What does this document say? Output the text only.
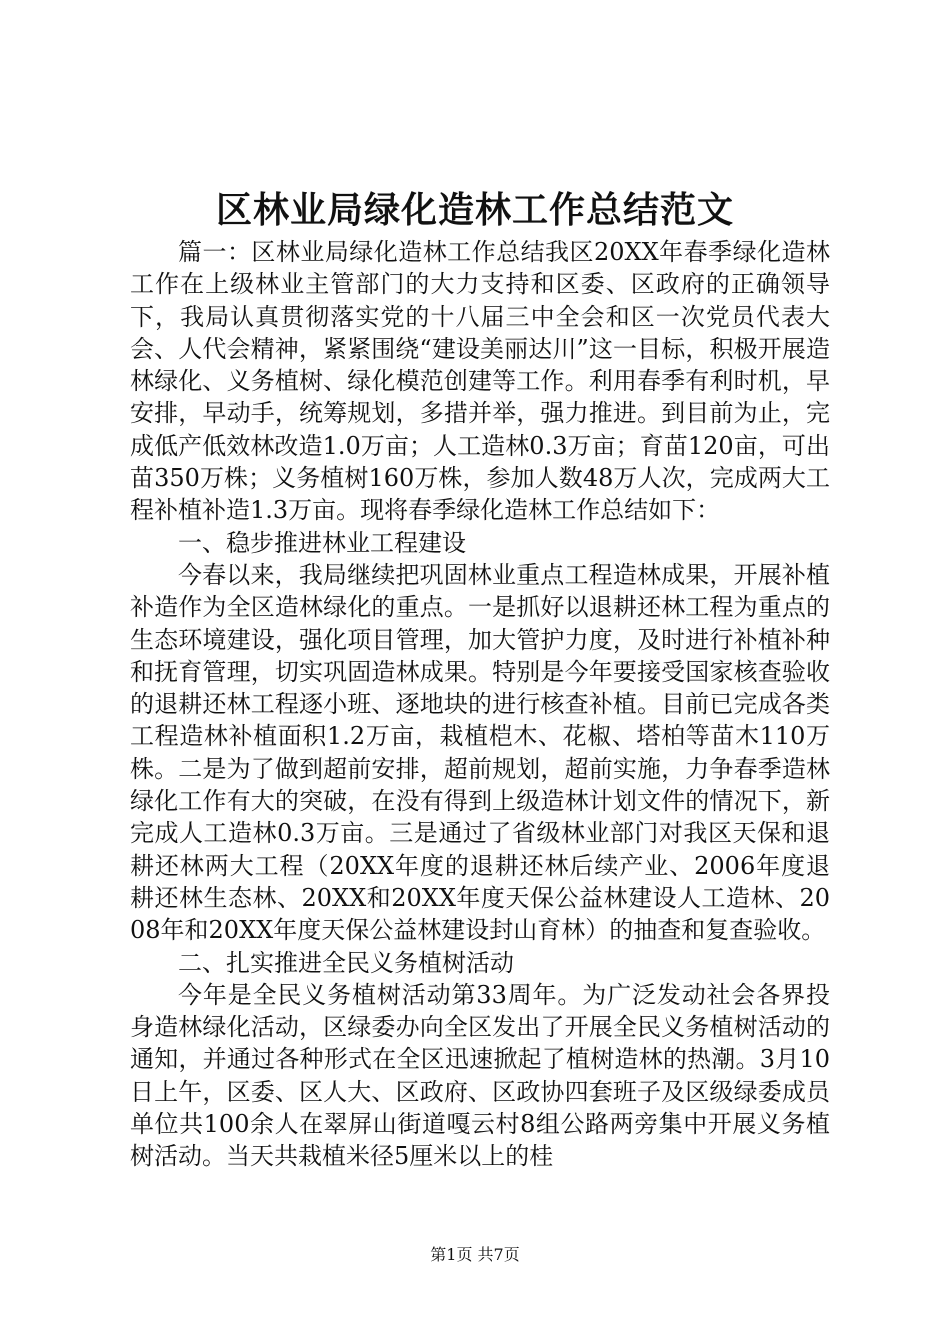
区林业局绿化造林工作总结范文

篇一：区林业局绿化造林工作总结我区20XX年春季绿化造林工作在上级林业主管部门的大力支持和区委、区政府的正确领导下，我局认真贯彻落实党的十八届三中全会和区一次党员代表大会、人代会精神，紧紧围绕“建设美丽达川”这一目标，积极开展造林绿化、义务植树、绿化模范创建等工作。利用春季有利时机，早安排，早动手，统筹规划，多措并举，强力推进。到目前为止，完成低产低效林改造1.0万亩；人工造林0.3万亩；育苗120亩，可出苗350万株；义务植树160万株，参加人数48万人次，完成两大工程补植补造1.3万亩。现将春季绿化造林工作总结如下：

一、稳步推进林业工程建设

今春以来，我局继续把巩固林业重点工程造林成果，开展补植补造作为全区造林绿化的重点。一是抓好以退耕还林工程为重点的生态环境建设，强化项目管理，加大管护力度，及时进行补植补种和抚育管理，切实巩固造林成果。特别是今年要接受国家核查验收的退耕还林工程逐小班、逐地块的进行核查补植。目前已完成各类工程造林补植面积1.2万亩，栽植桤木、花椒、塔柏等苗木110万株。二是为了做到超前安排，超前规划，超前实施，力争春季造林绿化工作有大的突破，在没有得到上级造林计划文件的情况下，新完成人工造林0.3万亩。三是通过了省级林业部门对我区天保和退耕还林两大工程（20XX年度的退耕还林后续产业、2006年度退耕还林生态林、20XX和20XX年度天保公益林建设人工造林、2008年和20XX年度天保公益林建设封山育林）的抽查和复查验收。

二、扎实推进全民义务植树活动

今年是全民义务植树活动第33周年。为广泛发动社会各界投身造林绿化活动，区绿委办向全区发出了开展全民义务植树活动的通知，并通过各种形式在全区迅速掀起了植树造林的热潮。3月10日上午，区委、区人大、区政府、区政协四套班子及区级绿委成员单位共100余人在翠屏山街道嘎云村8组公路两旁集中开展义务植树活动。当天共栽植米径5厘米以上的桂

第1页 共7页
